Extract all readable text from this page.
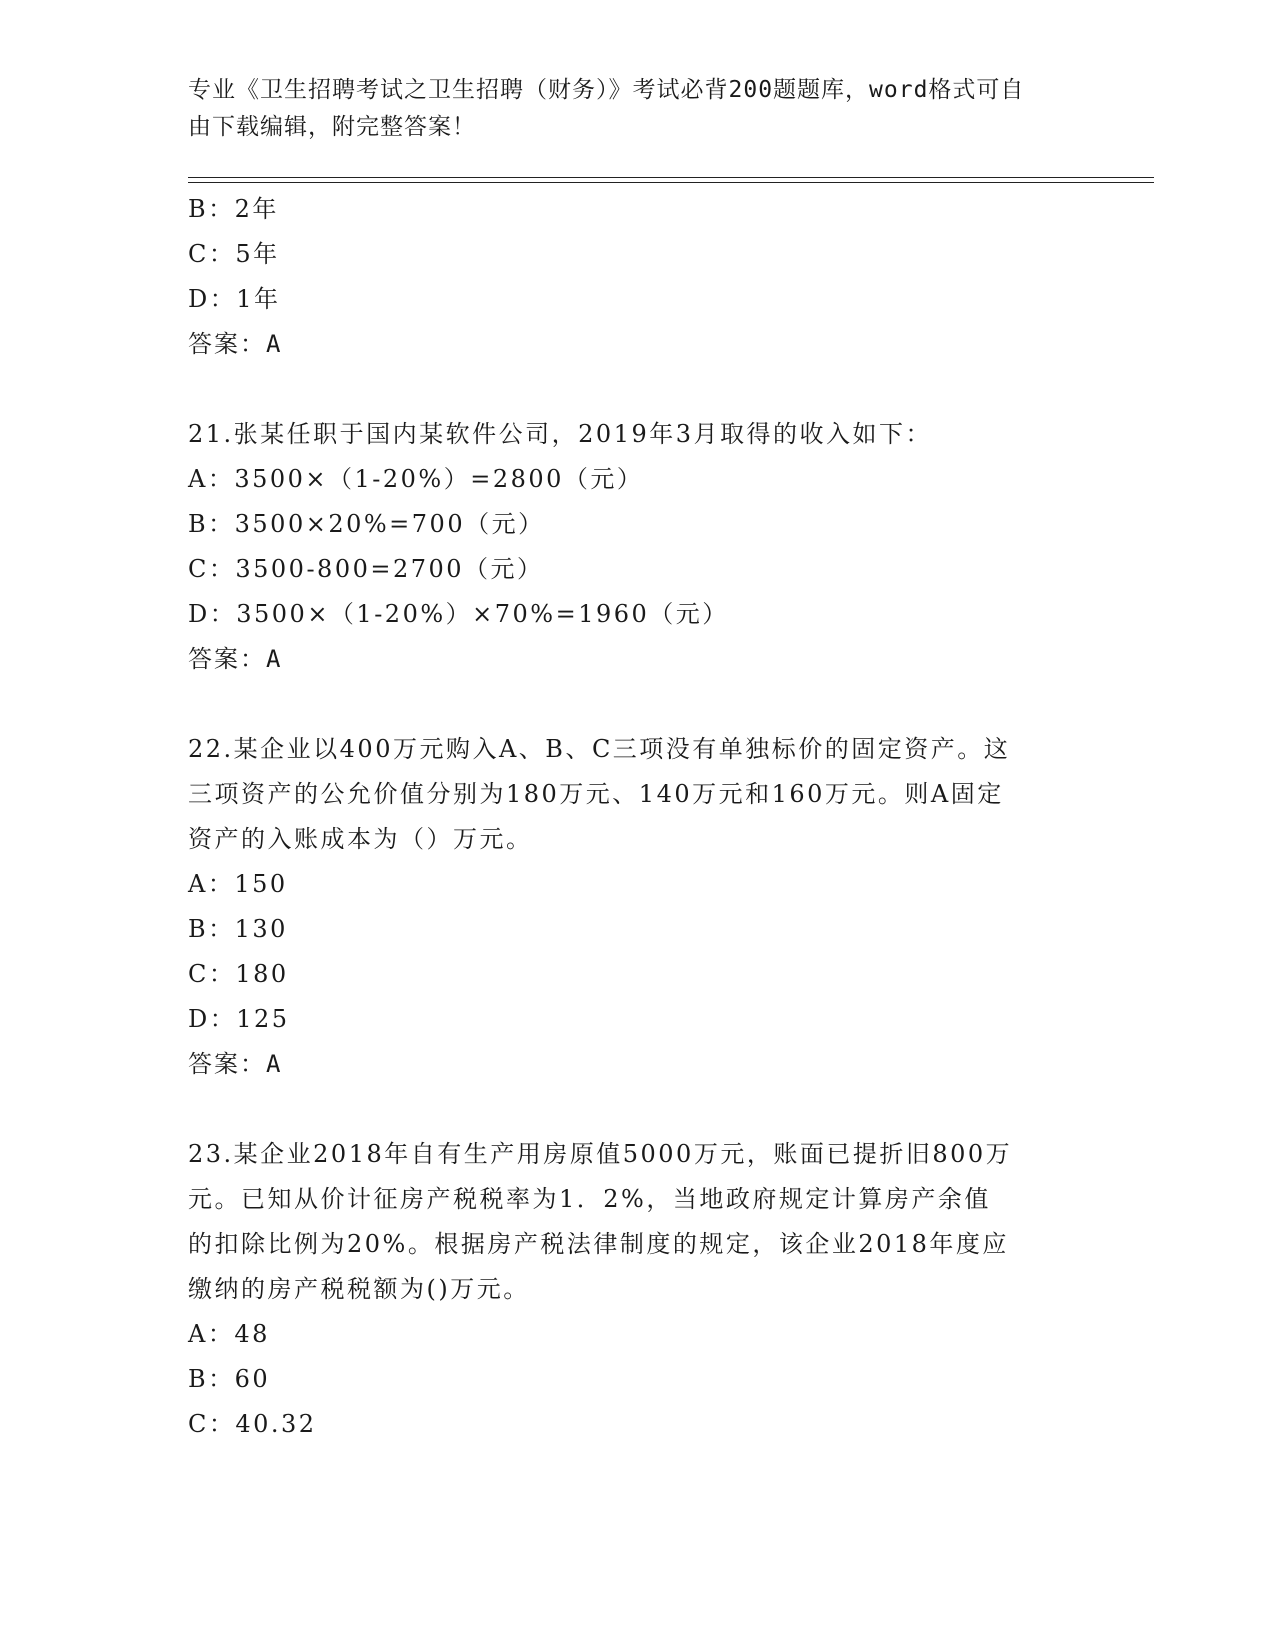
专业《卫生招聘考试之卫生招聘（财务）》考试必背200题题库，word格式可自
由下载编辑，附完整答案！
B：2年
C：5年
D：1年
答案：A
21.张某任职于国内某软件公司，2019年3月取得的收入如下：
A：3500×（1-20%）=2800（元）
B：3500×20%=700（元）
C：3500-800=2700（元）
D：3500×（1-20%）×70%=1960（元）
答案：A
22.某企业以400万元购入A、B、C三项没有单独标价的固定资产。这
三项资产的公允价值分别为180万元、140万元和160万元。则A固定
资产的入账成本为（）万元。
A：150
B：130
C：180
D：125
答案：A
23.某企业2018年自有生产用房原值5000万元，账面已提折旧800万
元。已知从价计征房产税税率为1．2%，当地政府规定计算房产余值
的扣除比例为20%。根据房产税法律制度的规定，该企业2018年度应
缴纳的房产税税额为()万元。
A：48
B：60
C：40.32
